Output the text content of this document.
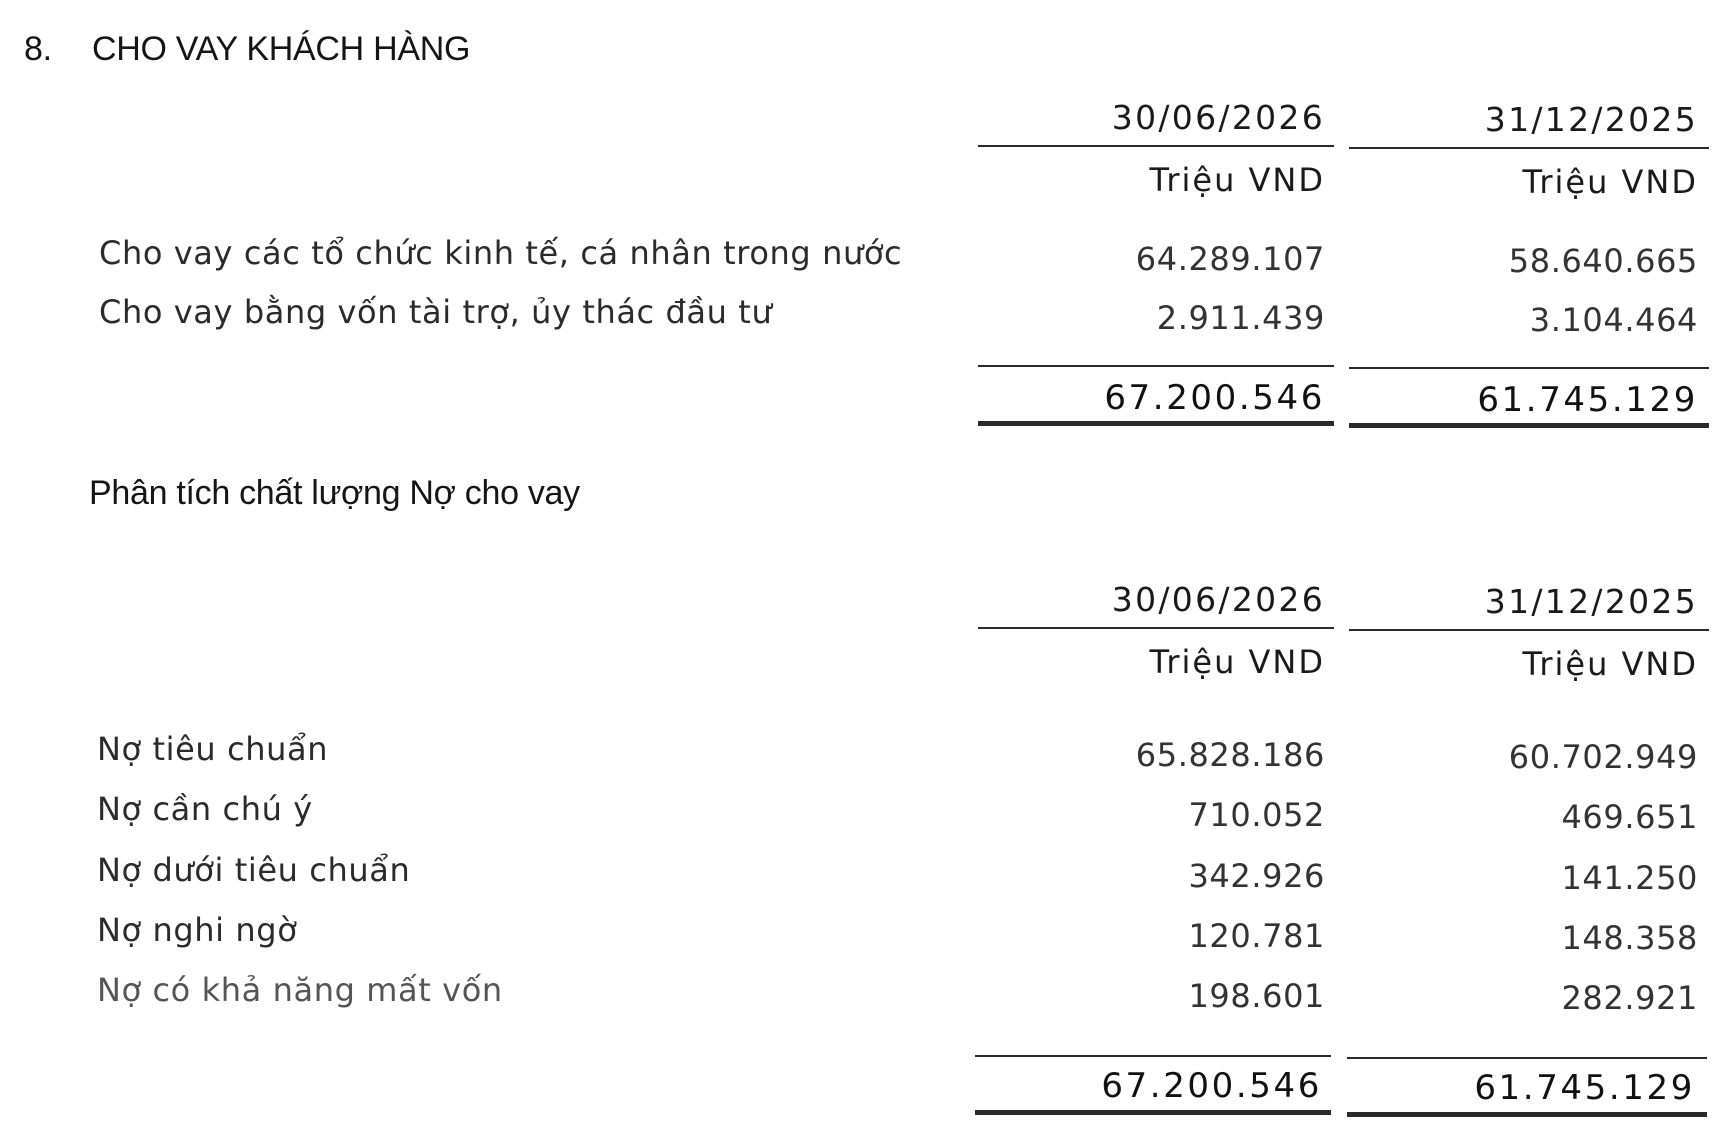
8. CHO VAY KHÁCH HÀNG
30/06/2026	31/12/2025
Triệu VND	Triệu VND
Cho vay các tổ chức kinh tế, cá nhân trong nước	64.289.107	58.640.665
Cho vay bằng vốn tài trợ, ủy thác đầu tư	2.911.439	3.104.464
67.200.546	61.745.129
Phân tích chất lượng Nợ cho vay
30/06/2026	31/12/2025
Triệu VND	Triệu VND
Nợ tiêu chuẩn	65.828.186	60.702.949
Nợ cần chú ý	710.052	469.651
Nợ dưới tiêu chuẩn	342.926	141.250
Nợ nghi ngờ	120.781	148.358
Nợ có khả năng mất vốn	198.601	282.921
67.200.546	61.745.129
